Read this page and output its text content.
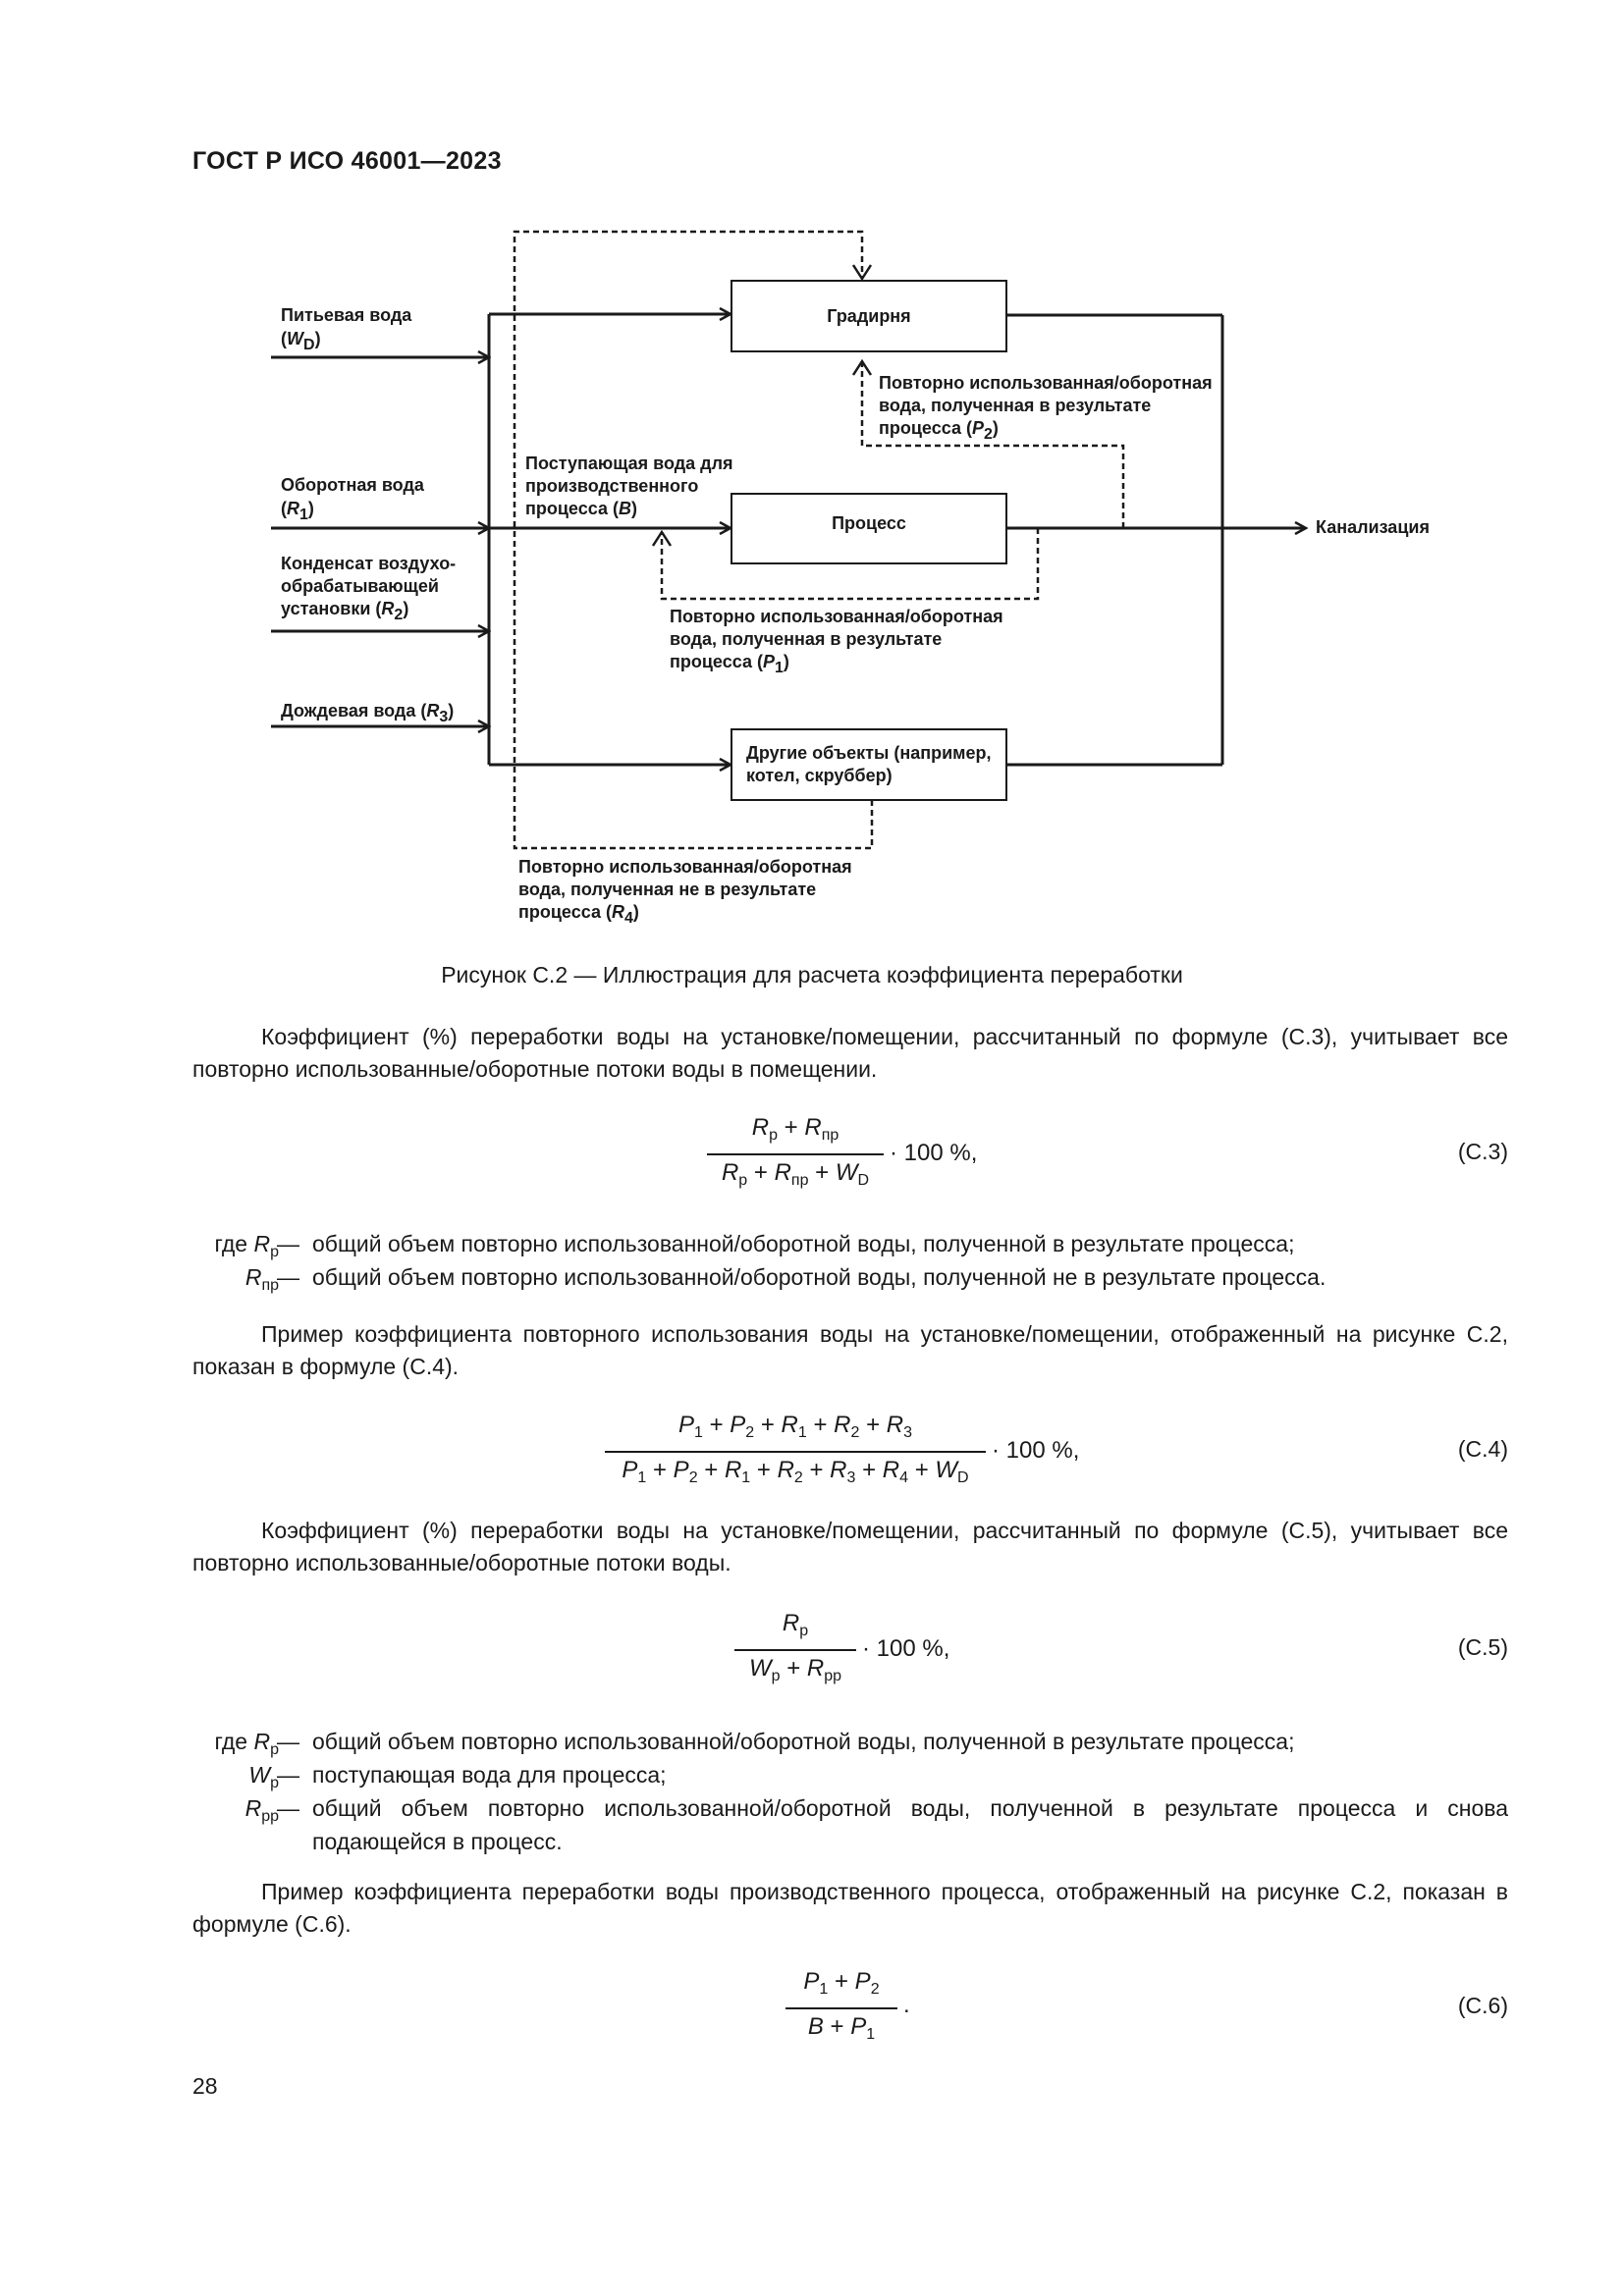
ГОСТ Р ИСО 46001—2023
Градирня
Процесс
Другие объекты (например,
котел, скруббер)
Питьевая вода
$(W_D)$
Оборотная вода
$(R_1)$
Конденсат воздухо-
обрабатывающей
установки $(R_2)$
Дождевая вода $(R_3)$
Канализация
Поступающая вода для
производственного
процесса (B)
Повторно использованная/оборотная
вода, полученная в результате
процесса $(P_2)$
Повторно использованная/оборотная
вода, полученная в результате
процесса $(P_1)$
Повторно использованная/оборотная
вода, полученная не в результате
процесса $(R_4)$
Рисунок С.2 — Иллюстрация для расчета коэффициента переработки
Коэффициент (%) переработки воды на установке/помещении, рассчитанный по формуле (С.3), учитывает все повторно использованные/оборотные потоки воды в помещении.
$R_р + R_{пр}$
$R_р + R_{пр} + W_D$
· 100 %,	(С.3)
где $R_р$
— общий объем повторно использованной/оборотной воды, полученной в результате процесса;
$R_{пр}$
— общий объем повторно использованной/оборотной воды, полученной не в результате процесса.
Пример коэффициента повторного использования воды на установке/помещении, отображенный на рисунке С.2, показан в формуле (С.4).
$P_1 + P_2 + R_1 + R_2 + R_3$
$P_1 + P_2 + R_1 + R_2 + R_3 + R_4 + W_D$
· 100 %,	(С.4)
Коэффициент (%) переработки воды на установке/помещении, рассчитанный по формуле (С.5), учитывает все повторно использованные/оборотные потоки воды.
$R_р$
$W_р + R_{рр}$
· 100 %,	(С.5)
где $R_р$
— общий объем повторно использованной/оборотной воды, полученной в результате процесса;
$W_р$
— поступающая вода для процесса;
$R_{рр}$
— общий объем повторно использованной/оборотной воды, полученной в результате процесса и снова подающейся в процесс.
Пример коэффициента переработки воды производственного процесса, отображенный на рисунке С.2, показан в формуле (С.6).
$P_1 + P_2$
$B + P_1$
.	(С.6)
28
